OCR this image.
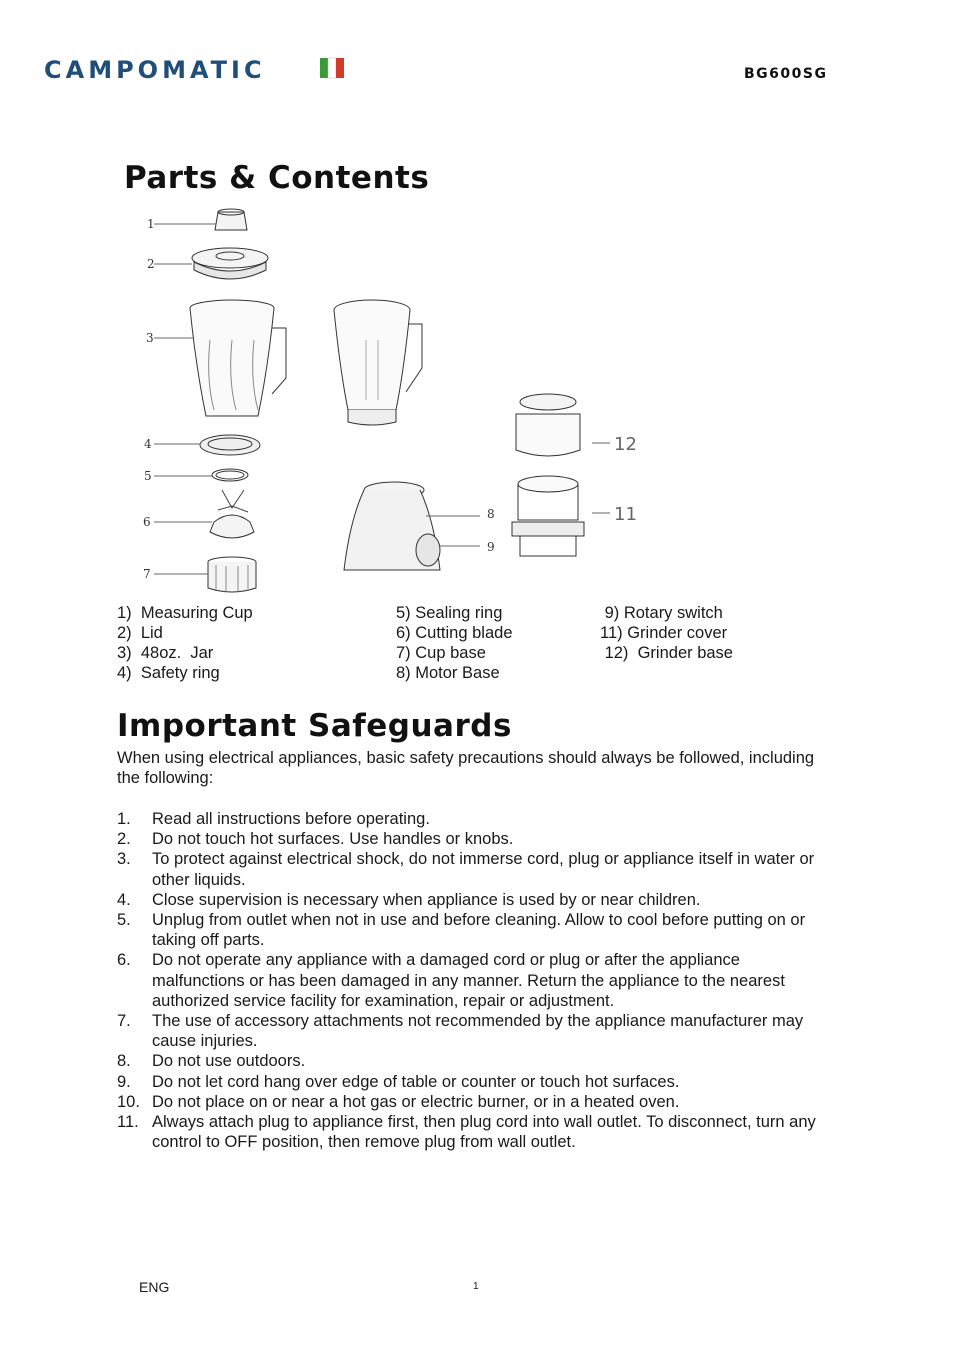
CAMPOMATIC	BG600SG
Parts & Contents
1
2
3
4
5
6
7
8
9
12
11
1)  Measuring Cup
2)  Lid
3)  48oz.  Jar
4)  Safety ring
5) Sealing ring
6) Cutting blade
7) Cup base
8) Motor Base
9) Rotary switch
11) Grinder cover
12)  Grinder base
Important Safeguards

When using electrical appliances, basic safety precautions should always be followed, including the following:

1. Read all instructions before operating.
2. Do not touch hot surfaces. Use handles or knobs.
3. To protect against electrical shock, do not immerse cord, plug or appliance itself in water or other liquids.
4. Close supervision is necessary when appliance is used by or near children.
5. Unplug from outlet when not in use and before cleaning. Allow to cool before putting on or taking off parts.
6. Do not operate any appliance with a damaged cord or plug or after the appliance malfunctions or has been damaged in any manner. Return the appliance to the nearest authorized service facility for examination, repair or adjustment.
7. The use of accessory attachments not recommended by the appliance manufacturer may cause injuries.
8. Do not use outdoors.
9. Do not let cord hang over edge of table or counter or touch hot surfaces.
10. Do not place on or near a hot gas or electric burner, or in a heated oven.
11. Always attach plug to appliance first, then plug cord into wall outlet. To disconnect, turn any control to OFF position, then remove plug from wall outlet.
ENG	1
